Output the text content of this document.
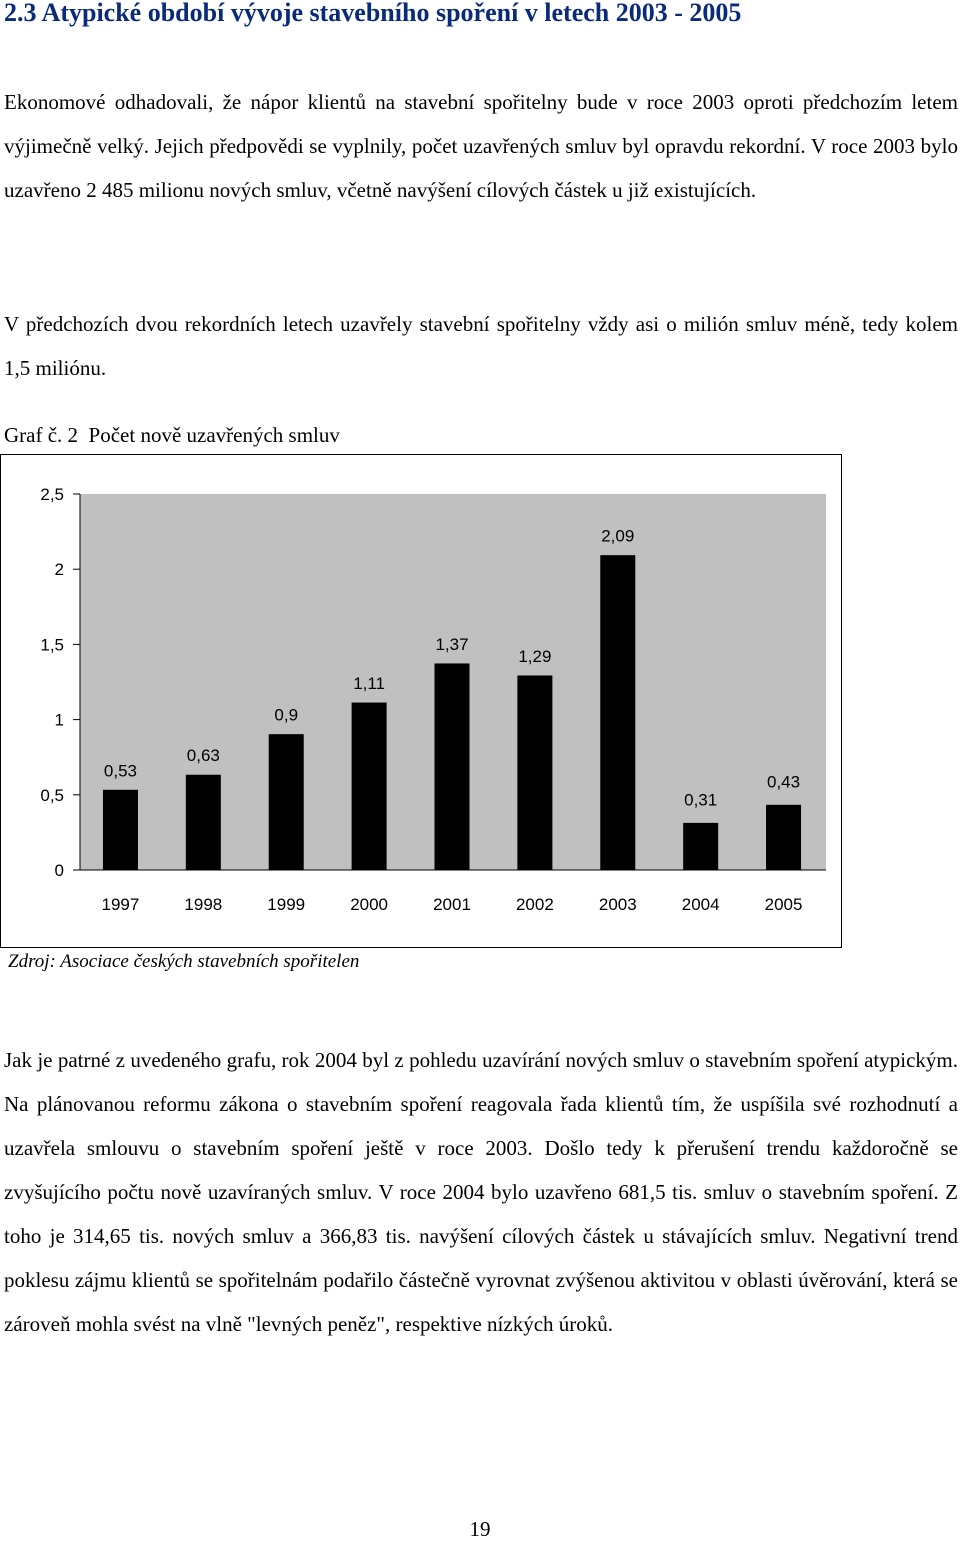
2.3 Atypické období vývoje stavebního spoření v letech 2003 - 2005

Ekonomové odhadovali, že nápor klientů na stavební spořitelny bude v roce 2003 oproti předchozím letem výjimečně velký. Jejich předpovědi se vyplnily, počet uzavřených smluv byl opravdu rekordní. V roce 2003 bylo uzavřeno 2 485 milionu nových smluv, včetně navýšení cílových částek u již existujících.

V předchozích dvou rekordních letech uzavřely stavební spořitelny vždy asi o milión smluv méně, tedy kolem 1,5 miliónu.

Graf č. 2  Počet nově uzavřených smluv
0
0,5
1
1,5
2
2,5
0,53
0,63
0,9
1,11
1,37
1,29
2,09
0,31
0,43
1997	1998	1999	2000	2001	2002	2003	2004	2005
Zdroj: Asociace českých stavebních spořitelen

Jak je patrné z uvedeného grafu, rok 2004 byl z pohledu uzavírání nových smluv o stavebním spoření atypickým. Na plánovanou reformu zákona o stavebním spoření reagovala řada klientů tím, že uspíšila své rozhodnutí a uzavřela smlouvu o stavebním spoření ještě v roce 2003. Došlo tedy k přerušení trendu každoročně se zvyšujícího počtu nově uzavíraných smluv. V roce 2004 bylo uzavřeno 681,5 tis. smluv o stavebním spoření. Z toho je 314,65 tis. nových smluv a 366,83 tis. navýšení cílových částek u stávajících smluv. Negativní trend poklesu zájmu klientů se spořitelnám podařilo částečně vyrovnat zvýšenou aktivitou v oblasti úvěrování, která se zároveň mohla svést na vlně "levných peněz", respektive nízkých úroků.

19
